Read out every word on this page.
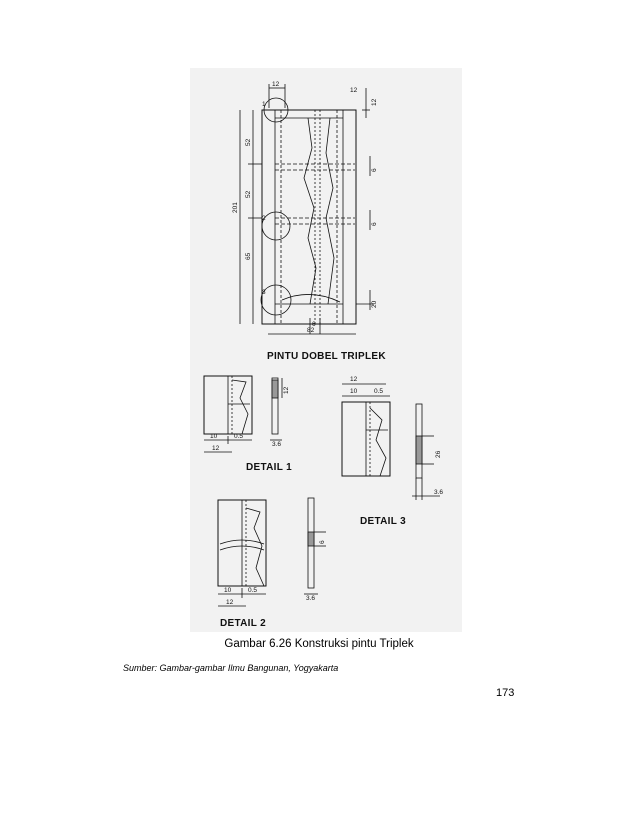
1
2
3
12
12
12
52
52
65
201
6
6
20
6
82
PINTU DOBEL TRIPLEK
10	0.5
12
12
3.6
DETAIL 1
12
10	0.5
26
3.6
DETAIL 3
10	0.5
12
6
3.6
DETAIL 2
Gambar 6.26 Konstruksi pintu Triplek
Sumber: Gambar-gambar Ilmu Bangunan, Yogyakarta
173
